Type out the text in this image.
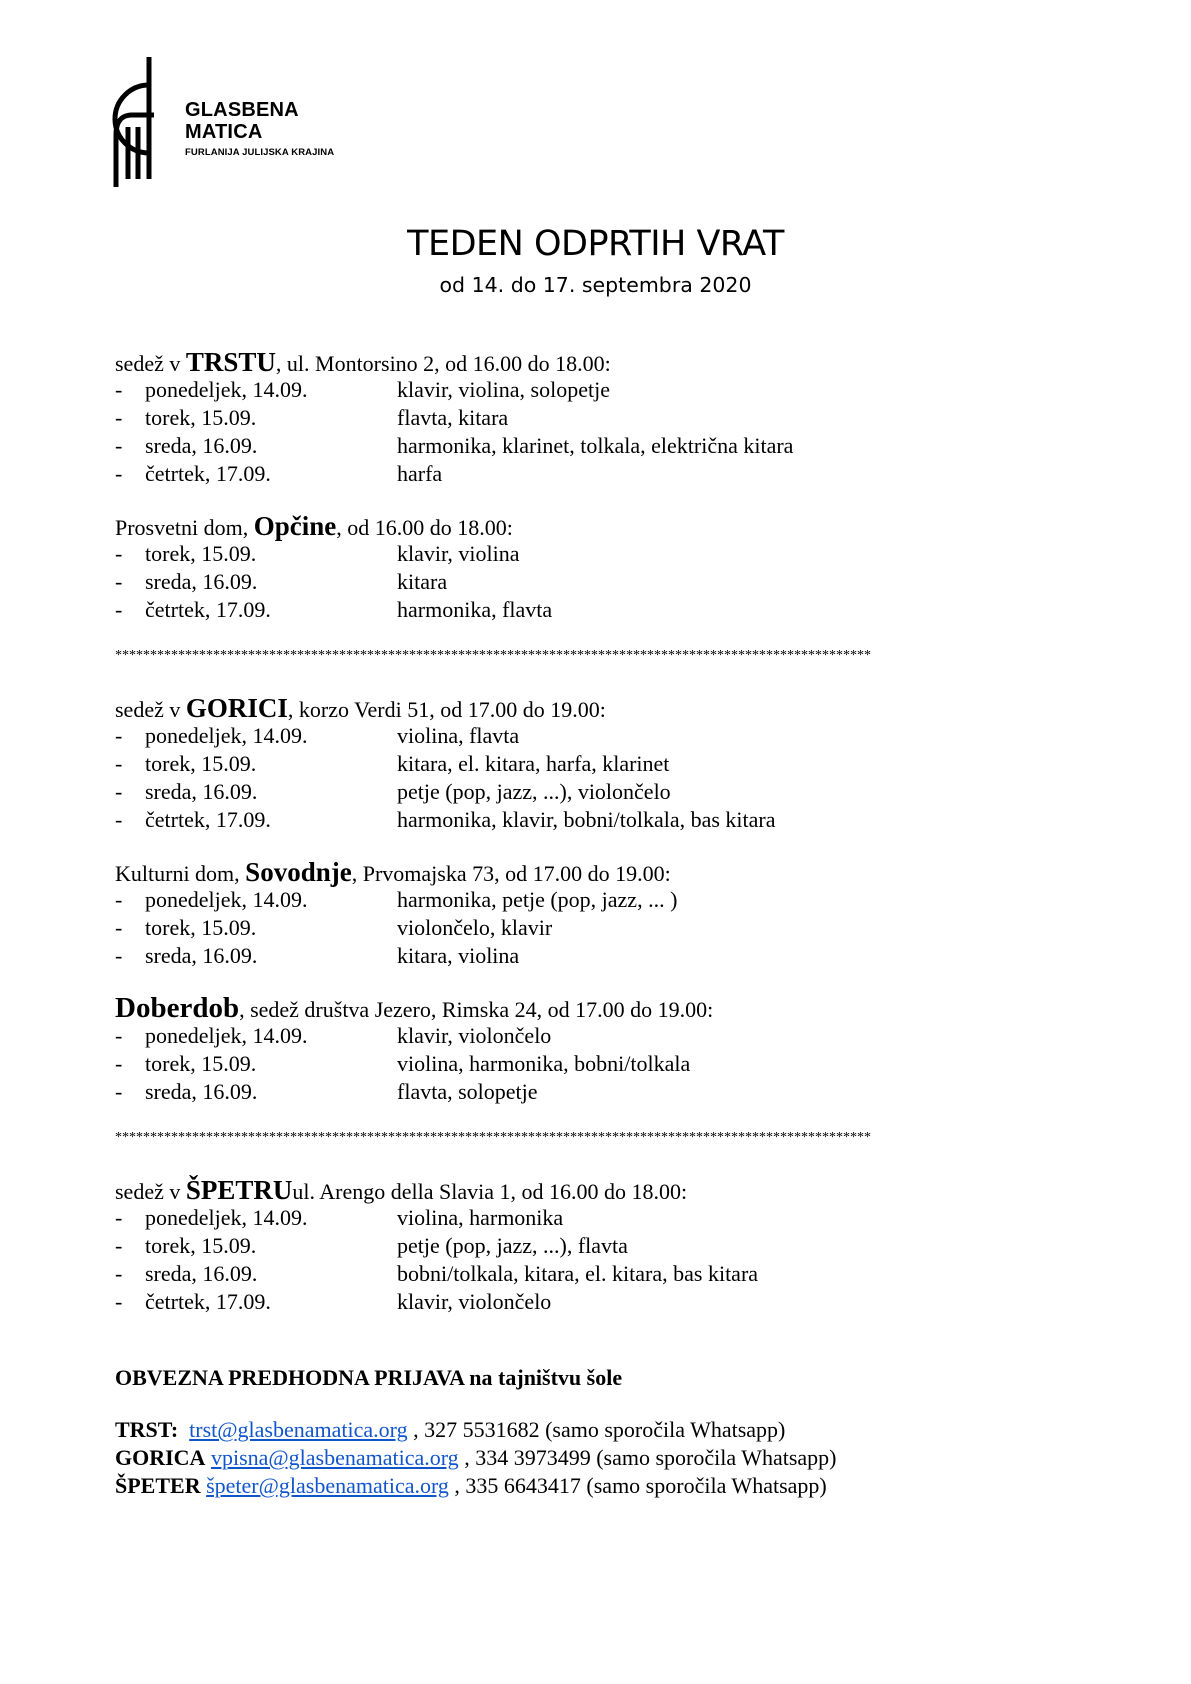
GLASBENA
MATICA
FURLANIJA JULIJSKA KRAJINA
TEDEN ODPRTIH VRAT
od 14. do 17. septembra 2020
sedež v
TRSTU , ul. Montorsino 2, od 16.00 do 18.00:
-	ponedeljek, 14.09.	klavir, violina, solopetje
-	torek, 15.09.	flavta, kitara
-	sreda, 16.09.	harmonika, klarinet, tolkala, električna kitara
-	četrtek, 17.09.	harfa
Prosvetni dom,
Opčine , od 16.00 do 18.00:
-	torek, 15.09.	klavir, violina
-	sreda, 16.09.	kitara
-	četrtek, 17.09.	harmonika, flavta
************************************************************************************************************
sedež v
GORICI , korzo Verdi 51, od 17.00 do 19.00:
-	ponedeljek, 14.09.	violina, flavta
-	torek, 15.09.	kitara, el. kitara, harfa, klarinet
-	sreda, 16.09.	petje (pop, jazz, ...), violončelo
-	četrtek, 17.09.	harmonika, klavir, bobni/tolkala, bas kitara
Kulturni dom,
Sovodnje , Prvomajska 73, od 17.00 do 19.00:
-	ponedeljek, 14.09.	harmonika, petje (pop, jazz, ... )
-	torek, 15.09.	violončelo, klavir
-	sreda, 16.09.	kitara, violina
Doberdob , sedež društva Jezero, Rimska 24, od 17.00 do 19.00:
-	ponedeljek, 14.09.	klavir, violončelo
-	torek, 15.09.	violina, harmonika, bobni/tolkala
-	sreda, 16.09.	flavta, solopetje
************************************************************************************************************
sedež v
ŠPETRU ul. Arengo della Slavia 1, od 16.00 do 18.00:
-	ponedeljek, 14.09.	violina, harmonika
-	torek, 15.09.	petje (pop, jazz, ...), flavta
-	sreda, 16.09.	bobni/tolkala, kitara, el. kitara, bas kitara
-	četrtek, 17.09.	klavir, violončelo
OBVEZNA PREDHODNA PRIJAVA na tajništvu šole
TRST: trst@glasbenamatica.org , 327 5531682 (samo sporočila Whatsapp)
GORICA vpisna@glasbenamatica.org , 334 3973499 (samo sporočila Whatsapp)
ŠPETER špeter@glasbenamatica.org , 335 6643417 (samo sporočila Whatsapp)
